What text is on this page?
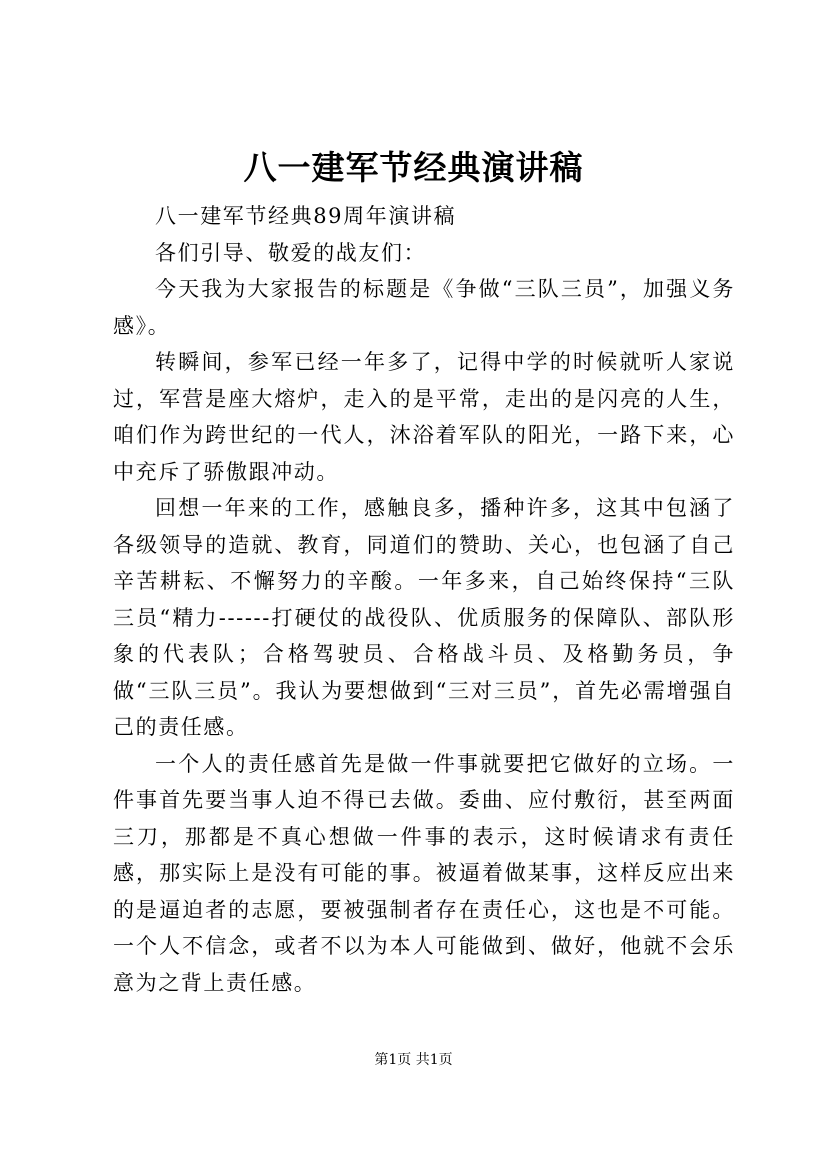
八一建军节经典演讲稿

八一建军节经典89周年演讲稿

各们引导、敬爱的战友们：

今天我为大家报告的标题是《争做“三队三员”，加强义务感》。

转瞬间，参军已经一年多了，记得中学的时候就听人家说过，军营是座大熔炉，走入的是平常，走出的是闪亮的人生，咱们作为跨世纪的一代人，沐浴着军队的阳光，一路下来，心中充斥了骄傲跟冲动。

回想一年来的工作，感触良多，播种许多，这其中包涵了各级领导的造就、教育，同道们的赞助、关心，也包涵了自己辛苦耕耘、不懈努力的辛酸。一年多来，自己始终保持“三队三员“精力------打硬仗的战役队、优质服务的保障队、部队形象的代表队；合格驾驶员、合格战斗员、及格勤务员，争做“三队三员”。我认为要想做到“三对三员”，首先必需增强自己的责任感。

一个人的责任感首先是做一件事就要把它做好的立场。一件事首先要当事人迫不得已去做。委曲、应付敷衍，甚至两面三刀，那都是不真心想做一件事的表示，这时候请求有责任感，那实际上是没有可能的事。被逼着做某事，这样反应出来的是逼迫者的志愿，要被强制者存在责任心，这也是不可能。一个人不信念，或者不以为本人可能做到、做好，他就不会乐意为之背上责任感。

第1页 共1页
